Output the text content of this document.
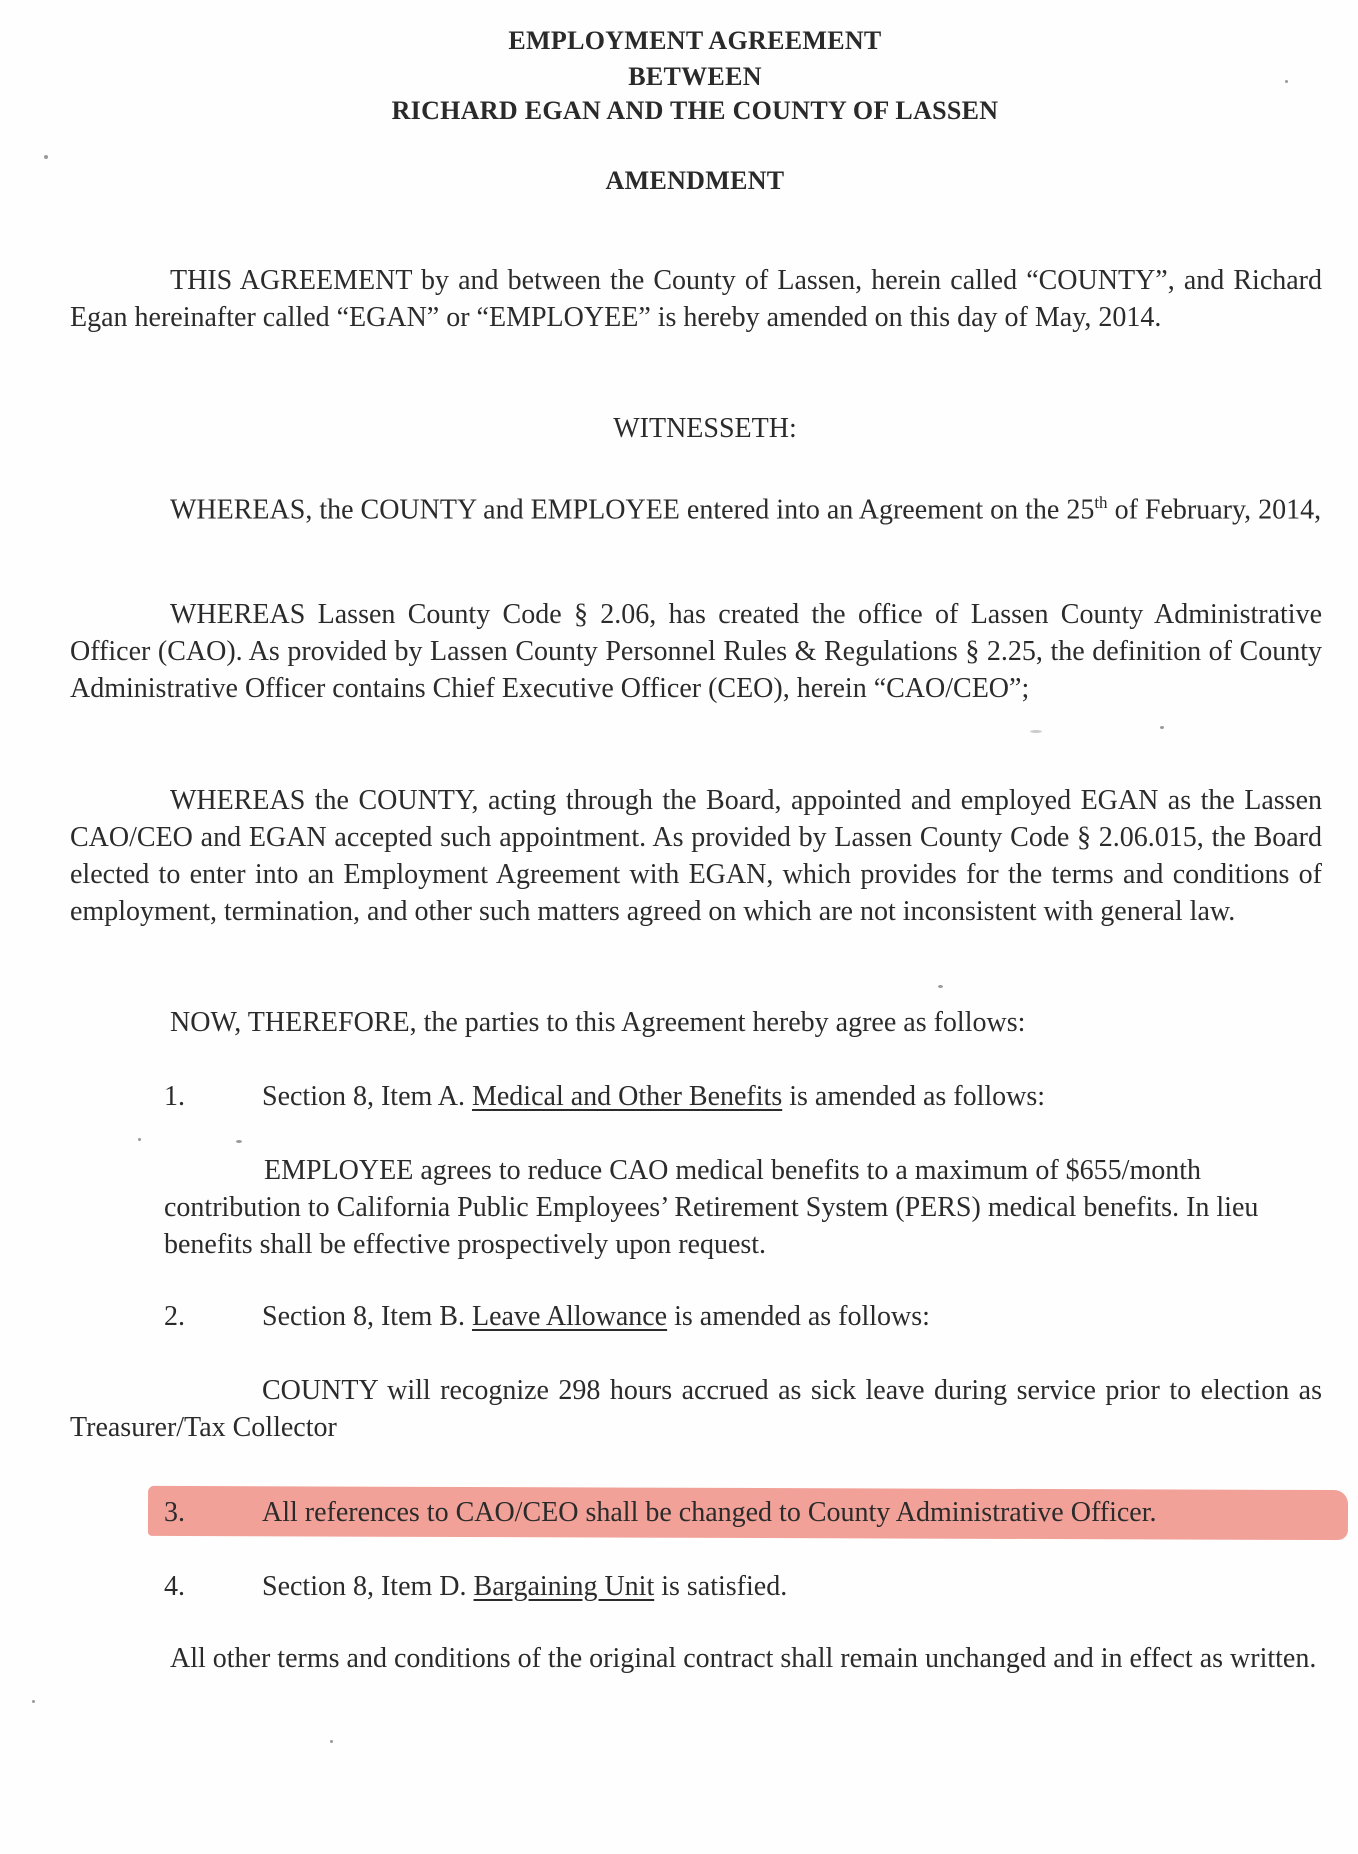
EMPLOYMENT AGREEMENT
BETWEEN
RICHARD EGAN AND THE COUNTY OF LASSEN
AMENDMENT
THIS AGREEMENT by and between the County of Lassen, herein called “COUNTY”, and Richard Egan hereinafter called “EGAN” or “EMPLOYEE” is hereby amended on this day of May, 2014.
WITNESSETH:
WHEREAS, the COUNTY and EMPLOYEE entered into an Agreement on the 25th of February, 2014,
WHEREAS Lassen County Code § 2.06, has created the office of Lassen County Administrative Officer (CAO). As provided by Lassen County Personnel Rules & Regulations § 2.25, the definition of County Administrative Officer contains Chief Executive Officer (CEO), herein “CAO/CEO”;
WHEREAS the COUNTY, acting through the Board, appointed and employed EGAN as the Lassen CAO/CEO and EGAN accepted such appointment. As provided by Lassen County Code § 2.06.015, the Board elected to enter into an Employment Agreement with EGAN, which provides for the terms and conditions of employment, termination, and other such matters agreed on which are not inconsistent with general law.
NOW, THEREFORE, the parties to this Agreement hereby agree as follows:
1.	Section 8, Item A. Medical and Other Benefits is amended as follows:
EMPLOYEE agrees to reduce CAO medical benefits to a maximum of $655/month contribution to California Public Employees’ Retirement System (PERS) medical benefits. In lieu benefits shall be effective prospectively upon request.
2.	Section 8, Item B. Leave Allowance is amended as follows:
COUNTY will recognize 298 hours accrued as sick leave during service prior to election as Treasurer/Tax Collector
3.	All references to CAO/CEO shall be changed to County Administrative Officer.
4.	Section 8, Item D. Bargaining Unit is satisfied.
All other terms and conditions of the original contract shall remain unchanged and in effect as written.
